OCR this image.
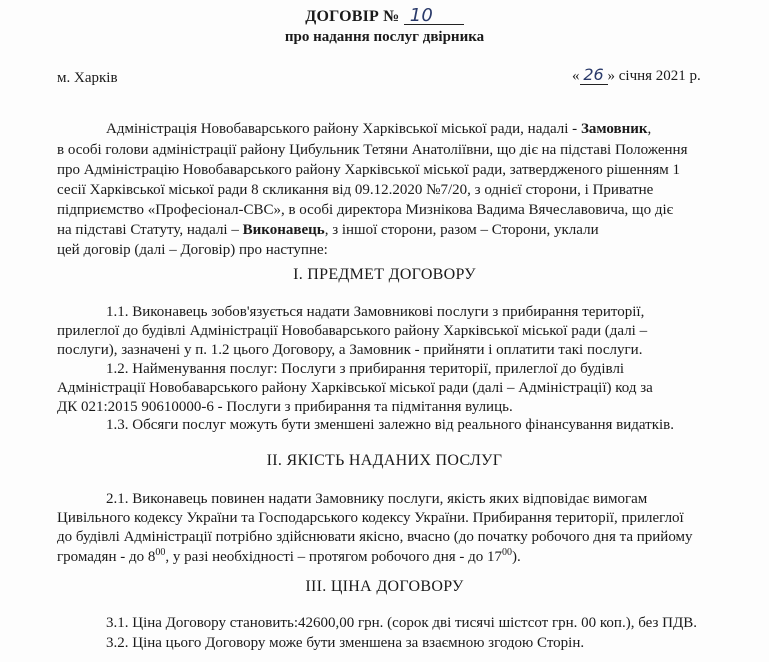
ДОГОВІР № 10
про надання послуг двірника
м. Харків	« 26 » січня 2021 р.
Адміністрація Новобаварського району Харківської міської ради, надалі - Замовник,
в особі голови адміністрації району Цибульник Тетяни Анатоліївни, що діє на підставі Положення
про Адміністрацію Новобаварського району Харківської міської ради, затвердженого рішенням 1
сесії Харківської міської ради 8 скликання від 09.12.2020 №7/20, з однієї сторони, і Приватне
підприємство «Професіонал-СВС», в особі директора Мизнікова Вадима Вячеславовича, що діє
на підставі Статуту, надалі – Виконавець, з іншої сторони, разом – Сторони, уклали
цей договір (далі – Договір) про наступне:
І. ПРЕДМЕТ ДОГОВОРУ
1.1. Виконавець зобов'язується надати Замовникові послуги з прибирання території,
прилеглої до будівлі Адміністрації Новобаварського району Харківської міської ради (далі –
послуги), зазначені у п. 1.2 цього Договору, а Замовник - прийняти і оплатити такі послуги.
1.2. Найменування послуг: Послуги з прибирання території, прилеглої до будівлі
Адміністрації Новобаварського району Харківської міської ради (далі – Адміністрації) код за
ДК 021:2015 90610000-6 - Послуги з прибирання та підмітання вулиць.
1.3. Обсяги послуг можуть бути зменшені залежно від реального фінансування видатків.
ІІ. ЯКІСТЬ НАДАНИХ ПОСЛУГ
2.1. Виконавець повинен надати Замовнику послуги, якість яких відповідає вимогам
Цивільного кодексу України та Господарського кодексу України. Прибирання території, прилеглої
до будівлі Адміністрації потрібно здійснювати якісно, вчасно (до початку робочого дня та прийому
громадян - до $8^{00}$, у разі необхідності – протягом робочого дня - до $17^{00}$).
ІІІ. ЦІНА ДОГОВОРУ
3.1. Ціна Договору становить:42600,00 грн. (сорок дві тисячі шістсот грн. 00 коп.), без ПДВ.
3.2. Ціна цього Договору може бути зменшена за взаємною згодою Сторін.
